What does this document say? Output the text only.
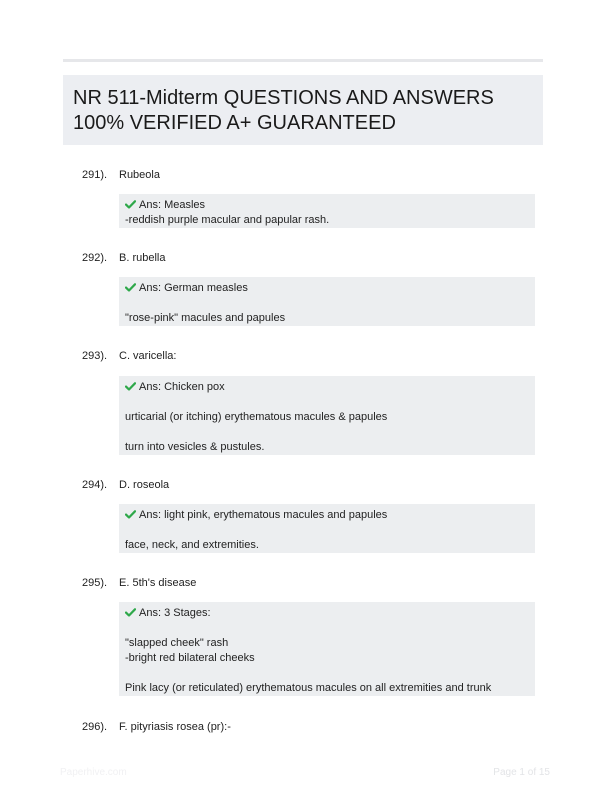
NR 511-Midterm QUESTIONS AND ANSWERS
100% VERIFIED A+ GUARANTEED
291). Rubeola
Ans: Measles
-reddish purple macular and papular rash.
292). B. rubella
Ans: German measles
"rose-pink" macules and papules
293). C. varicella:
Ans: Chicken pox
urticarial (or itching) erythematous macules & papules
turn into vesicles & pustules.
294). D. roseola
Ans: light pink, erythematous macules and papules
face, neck, and extremities.
295). E. 5th's disease
Ans: 3 Stages:
"slapped cheek" rash
-bright red bilateral cheeks
Pink lacy (or reticulated) erythematous macules on all extremities and trunk
296). F. pityriasis rosea (pr):-
Paperhive.com	Page 1 of 15
